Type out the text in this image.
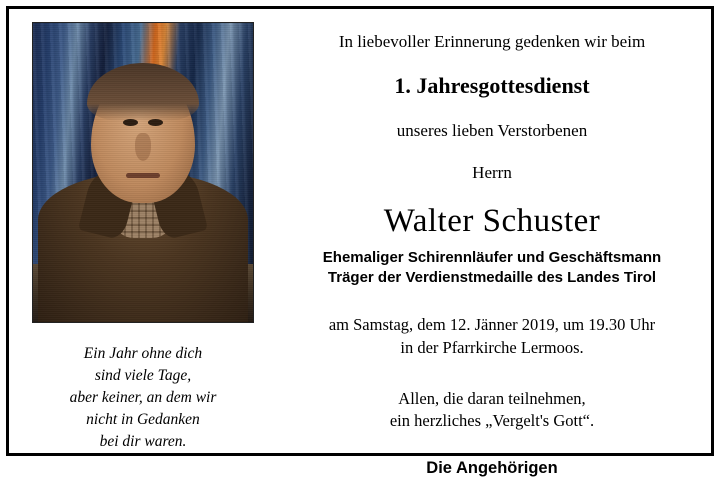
Ein Jahr ohne dich
sind viele Tage,
aber keiner, an dem wir
nicht in Gedanken
bei dir waren.
In liebevoller Erinnerung gedenken wir beim
1. Jahresgottesdienst
unseres lieben Verstorbenen
Herrn
Walter Schuster
Ehemaliger Schirennläufer und Geschäftsmann
Träger der Verdienstmedaille des Landes Tirol
am Samstag, dem 12. Jänner 2019, um 19.30 Uhr
in der Pfarrkirche Lermoos.
Allen, die daran teilnehmen,
ein herzliches „Vergelt's Gott“.
Die Angehörigen
